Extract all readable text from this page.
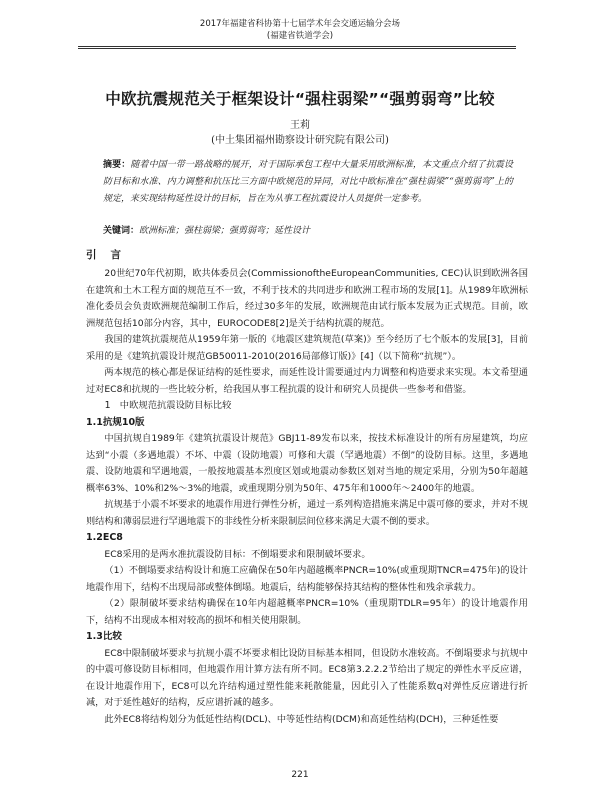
2017年福建省科协第十七届学术年会交通运输分会场
(福建省铁道学会)
中欧抗震规范关于框架设计“强柱弱梁”“强剪弱弯”比较
王莉
(中土集团福州勘察设计研究院有限公司)
摘要：随着中国一带一路战略的展开，对于国际承包工程中大量采用欧洲标准，本文重点介绍了抗震设防目标和水准、内力调整和抗压比三方面中欧规范的异同，对比中欧标准在“强柱弱梁”“强剪弱弯”上的规定，来实现结构延性设计的目标，旨在为从事工程抗震设计人员提供一定参考。
关键词：欧洲标准；强柱弱梁；强剪弱弯；延性设计
引言

20世纪70年代初期，欧共体委员会(CommissionoftheEuropeanCommunities, CEC)认识到欧洲各国在建筑和土木工程方面的规范互不一致，不利于技术的共同进步和欧洲工程市场的发展[1]。从1989年欧洲标准化委员会负责欧洲规范编制工作后，经过30多年的发展，欧洲规范由试行版本发展为正式规范。目前，欧洲规范包括10部分内容，其中，EUROCODE8[2]是关于结构抗震的规范。

我国的建筑抗震规范从1959年第一版的《地震区建筑规范(草案)》至今经历了七个版本的发展[3]，目前采用的是《建筑抗震设计规范GB50011-2010(2016局部修订版)》[4]（以下简称“抗规”）。

两本规范的核心都是保证结构的延性要求，而延性设计需要通过内力调整和构造要求来实现。本文希望通过对EC8和抗规的一些比较分析，给我国从事工程抗震的设计和研究人员提供一些参考和借鉴。

1　中欧规范抗震设防目标比较
1.1抗规10版

中国抗规自1989年《建筑抗震设计规范》GBJ11-89发布以来，按技术标准设计的所有房屋建筑，均应达到“小震（多遇地震）不坏、中震（设防地震）可修和大震（罕遇地震）不倒”的设防目标。这里，多遇地震、设防地震和罕遇地震，一般按地震基本烈度区划或地震动参数区划对当地的规定采用，分别为50年超越概率63%、10%和2%～3%的地震，或重现期分别为50年、475年和1000年～2400年的地震。

抗规基于小震不坏要求的地震作用进行弹性分析，通过一系列构造措施来满足中震可修的要求，并对不规则结构和薄弱层进行罕遇地震下的非线性分析来限制层间位移来满足大震不倒的要求。

1.2EC8

EC8采用的是两水准抗震设防目标：不倒塌要求和限制破坏要求。

（1）不倒塌要求结构设计和施工应确保在50年内超越概率PNCR=10%(或重现期TNCR=475年)的设计地震作用下，结构不出现局部或整体倒塌。地震后，结构能够保持其结构的整体性和残余承载力。

（2）限制破坏要求结构确保在10年内超越概率PNCR=10%（重现期TDLR=95年）的设计地震作用下，结构不出现成本相对较高的损坏和相关使用限制。

1.3比较

EC8中限制破坏要求与抗规小震不坏要求相比设防目标基本相同，但设防水准较高。不倒塌要求与抗规中的中震可修设防目标相同，但地震作用计算方法有所不同。EC8第3.2.2.2节给出了规定的弹性水平反应谱，在设计地震作用下，EC8可以允许结构通过塑性能来耗散能量，因此引入了性能系数q对弹性反应谱进行折减，对于延性越好的结构，反应谱折减的越多。

此外EC8将结构划分为低延性结构(DCL)、中等延性结构(DCM)和高延性结构(DCH)，三种延性要

221
